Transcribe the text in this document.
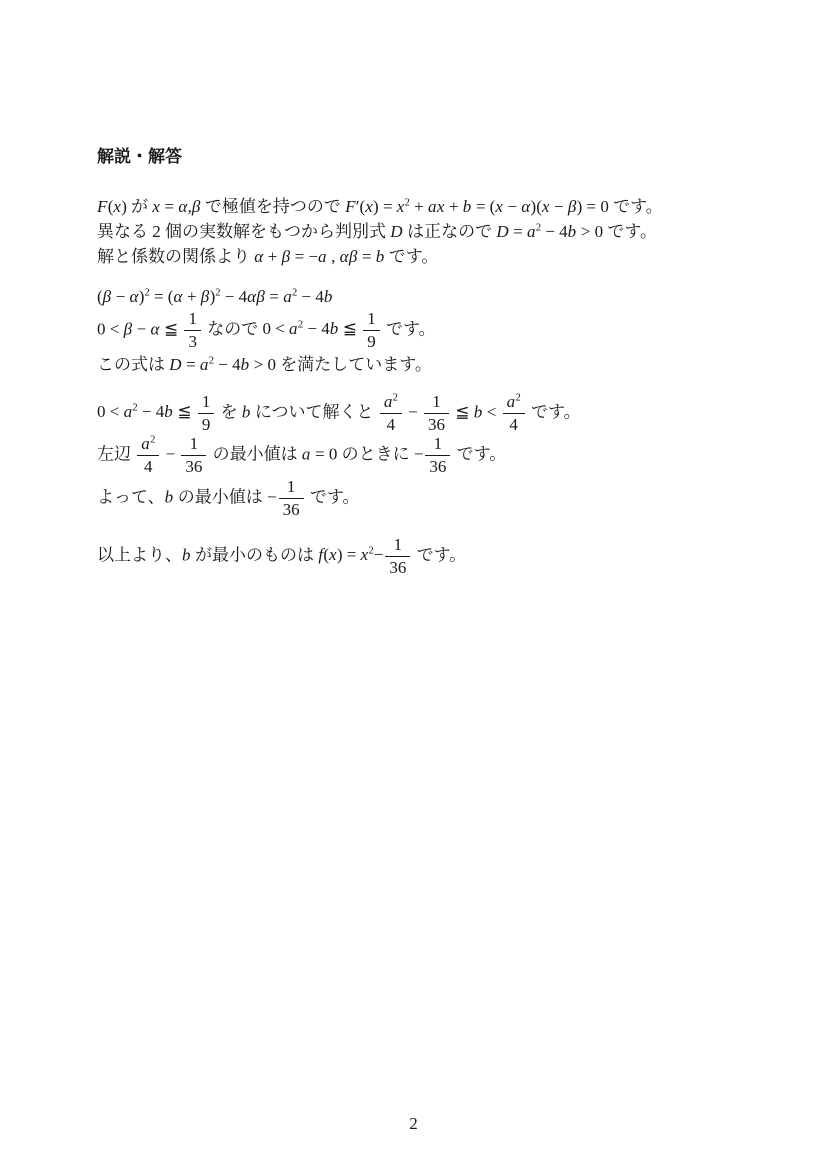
解説・解答
F(x) が x = α,β で極値を持つので $F'(x) = x^2$ + ax + b = (x − α)(x − β) = 0 です。
異なる 2 個の実数解をもつから判別式 D は正なので $D = a^2 - 4b > 0$ です。
解と係数の関係より α + β = −a , αβ = b です。
$(\beta - \alpha)^2 = (\alpha + \beta)^2 - 4\alpha\beta = a^2 - 4b$
0 < β − α ≦ $\frac{1}{3}$ なので $0 < a^2 - 4b$ ≦ $\frac{1}{9}$ です。
この式は $D = a^2 - 4b > 0$ を満たしています。
$0 < a^2 - 4b$ ≦ $\frac{1}{9}$ を b について解くと $\frac{a^2}{4} - \frac{1}{36}$ ≦ $b < \frac{a^2}{4}$ です。
左辺 $\frac{a^2}{4} - \frac{1}{36}$ の最小値は a = 0 のときに − $\frac{1}{36}$ です。
よって、b の最小値は − $\frac{1}{36}$ です。
以上より、b が最小のものは $f(x) = x^2- \frac{1}{36}$ です。
2
